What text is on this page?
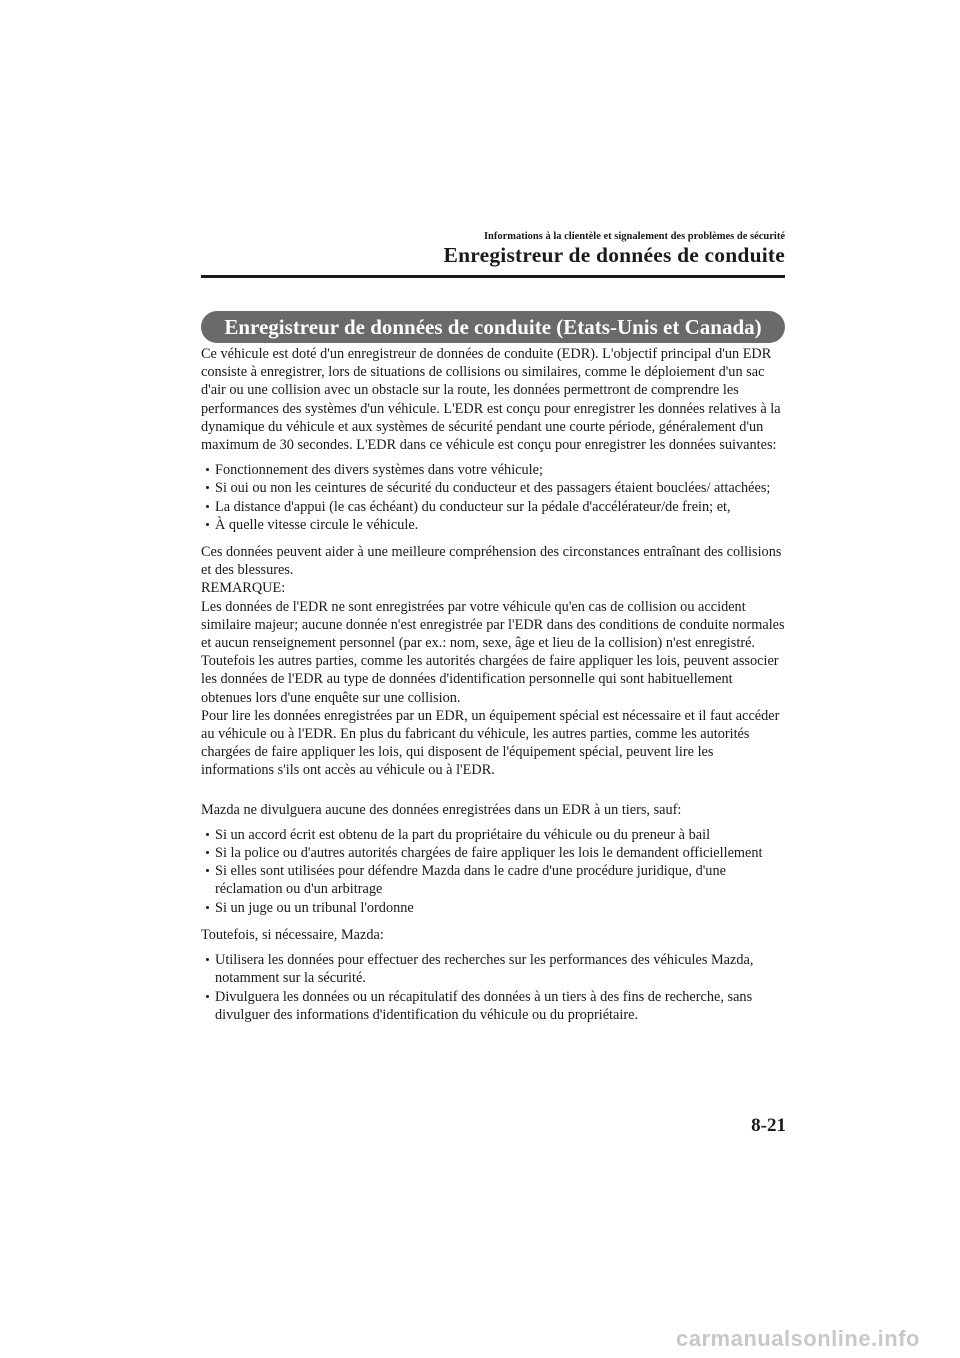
Informations à la clientèle et signalement des problèmes de sécurité
Enregistreur de données de conduite
Enregistreur de données de conduite (Etats-Unis et Canada)

Ce véhicule est doté d'un enregistreur de données de conduite (EDR). L'objectif principal d'un EDR consiste à enregistrer, lors de situations de collisions ou similaires, comme le déploiement d'un sac d'air ou une collision avec un obstacle sur la route, les données permettront de comprendre les performances des systèmes d'un véhicule. L'EDR est conçu pour enregistrer les données relatives à la dynamique du véhicule et aux systèmes de sécurité pendant une courte période, généralement d'un maximum de 30 secondes. L'EDR dans ce véhicule est conçu pour enregistrer les données suivantes:

Fonctionnement des divers systèmes dans votre véhicule;
Si oui ou non les ceintures de sécurité du conducteur et des passagers étaient bouclées/ attachées;
La distance d'appui (le cas échéant) du conducteur sur la pédale d'accélérateur/de frein; et,
À quelle vitesse circule le véhicule.

Ces données peuvent aider à une meilleure compréhension des circonstances entraînant des collisions et des blessures.

REMARQUE:

Les données de l'EDR ne sont enregistrées par votre véhicule qu'en cas de collision ou accident similaire majeur; aucune donnée n'est enregistrée par l'EDR dans des conditions de conduite normales et aucun renseignement personnel (par ex.: nom, sexe, âge et lieu de la collision) n'est enregistré. Toutefois les autres parties, comme les autorités chargées de faire appliquer les lois, peuvent associer les données de l'EDR au type de données d'identification personnelle qui sont habituellement obtenues lors d'une enquête sur une collision.

Pour lire les données enregistrées par un EDR, un équipement spécial est nécessaire et il faut accéder au véhicule ou à l'EDR. En plus du fabricant du véhicule, les autres parties, comme les autorités chargées de faire appliquer les lois, qui disposent de l'équipement spécial, peuvent lire les informations s'ils ont accès au véhicule ou à l'EDR.

Mazda ne divulguera aucune des données enregistrées dans un EDR à un tiers, sauf:

Si un accord écrit est obtenu de la part du propriétaire du véhicule ou du preneur à bail
Si la police ou d'autres autorités chargées de faire appliquer les lois le demandent officiellement
Si elles sont utilisées pour défendre Mazda dans le cadre d'une procédure juridique, d'une réclamation ou d'un arbitrage
Si un juge ou un tribunal l'ordonne

Toutefois, si nécessaire, Mazda:

Utilisera les données pour effectuer des recherches sur les performances des véhicules Mazda, notamment sur la sécurité.
Divulguera les données ou un récapitulatif des données à un tiers à des fins de recherche, sans divulguer des informations d'identification du véhicule ou du propriétaire.
8-21
carmanualsonline.info
